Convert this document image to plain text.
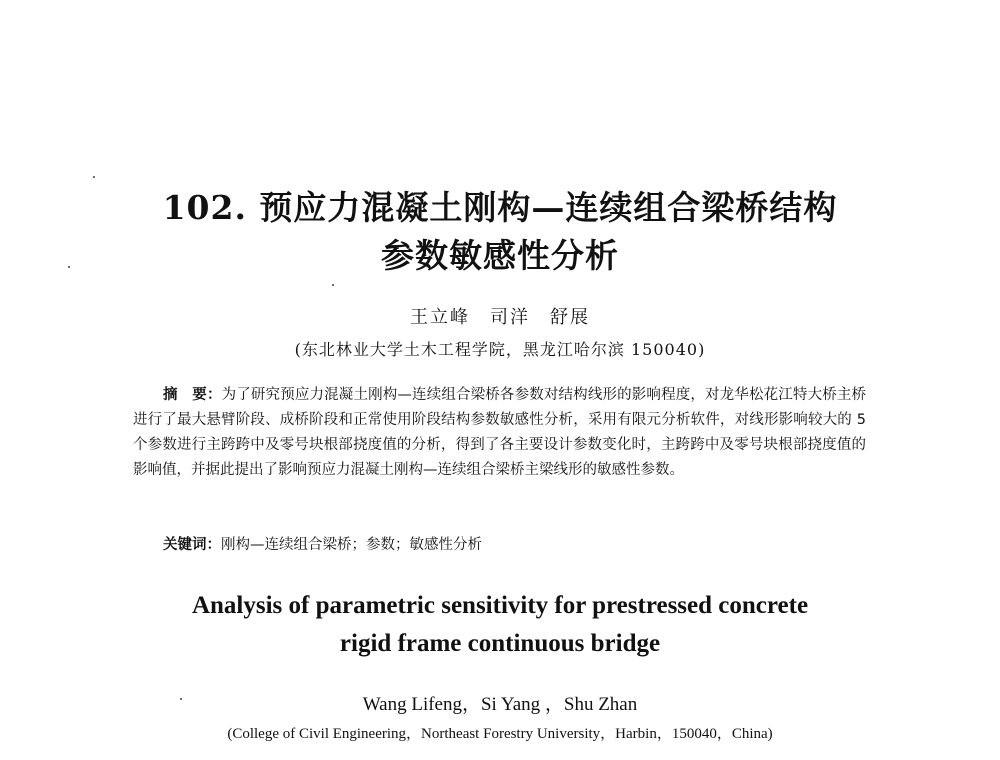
102. 预应力混凝土刚构—连续组合梁桥结构
参数敏感性分析
王立峰　司洋　舒展
(东北林业大学土木工程学院，黑龙江哈尔滨 150040)
摘　要：为了研究预应力混凝土刚构—连续组合梁桥各参数对结构线形的影响程度，对龙华松花江特大桥主桥进行了最大悬臂阶段、成桥阶段和正常使用阶段结构参数敏感性分析，采用有限元分析软件，对线形影响较大的 5 个参数进行主跨跨中及零号块根部挠度值的分析，得到了各主要设计参数变化时，主跨跨中及零号块根部挠度值的影响值，并据此提出了影响预应力混凝土刚构—连续组合梁桥主梁线形的敏感性参数。
关键词：刚构—连续组合梁桥；参数；敏感性分析
Analysis of parametric sensitivity for prestressed concrete
rigid frame continuous bridge
Wang Lifeng，Si Yang ，Shu Zhan
(College of Civil Engineering，Northeast Forestry University，Harbin，150040，China)
